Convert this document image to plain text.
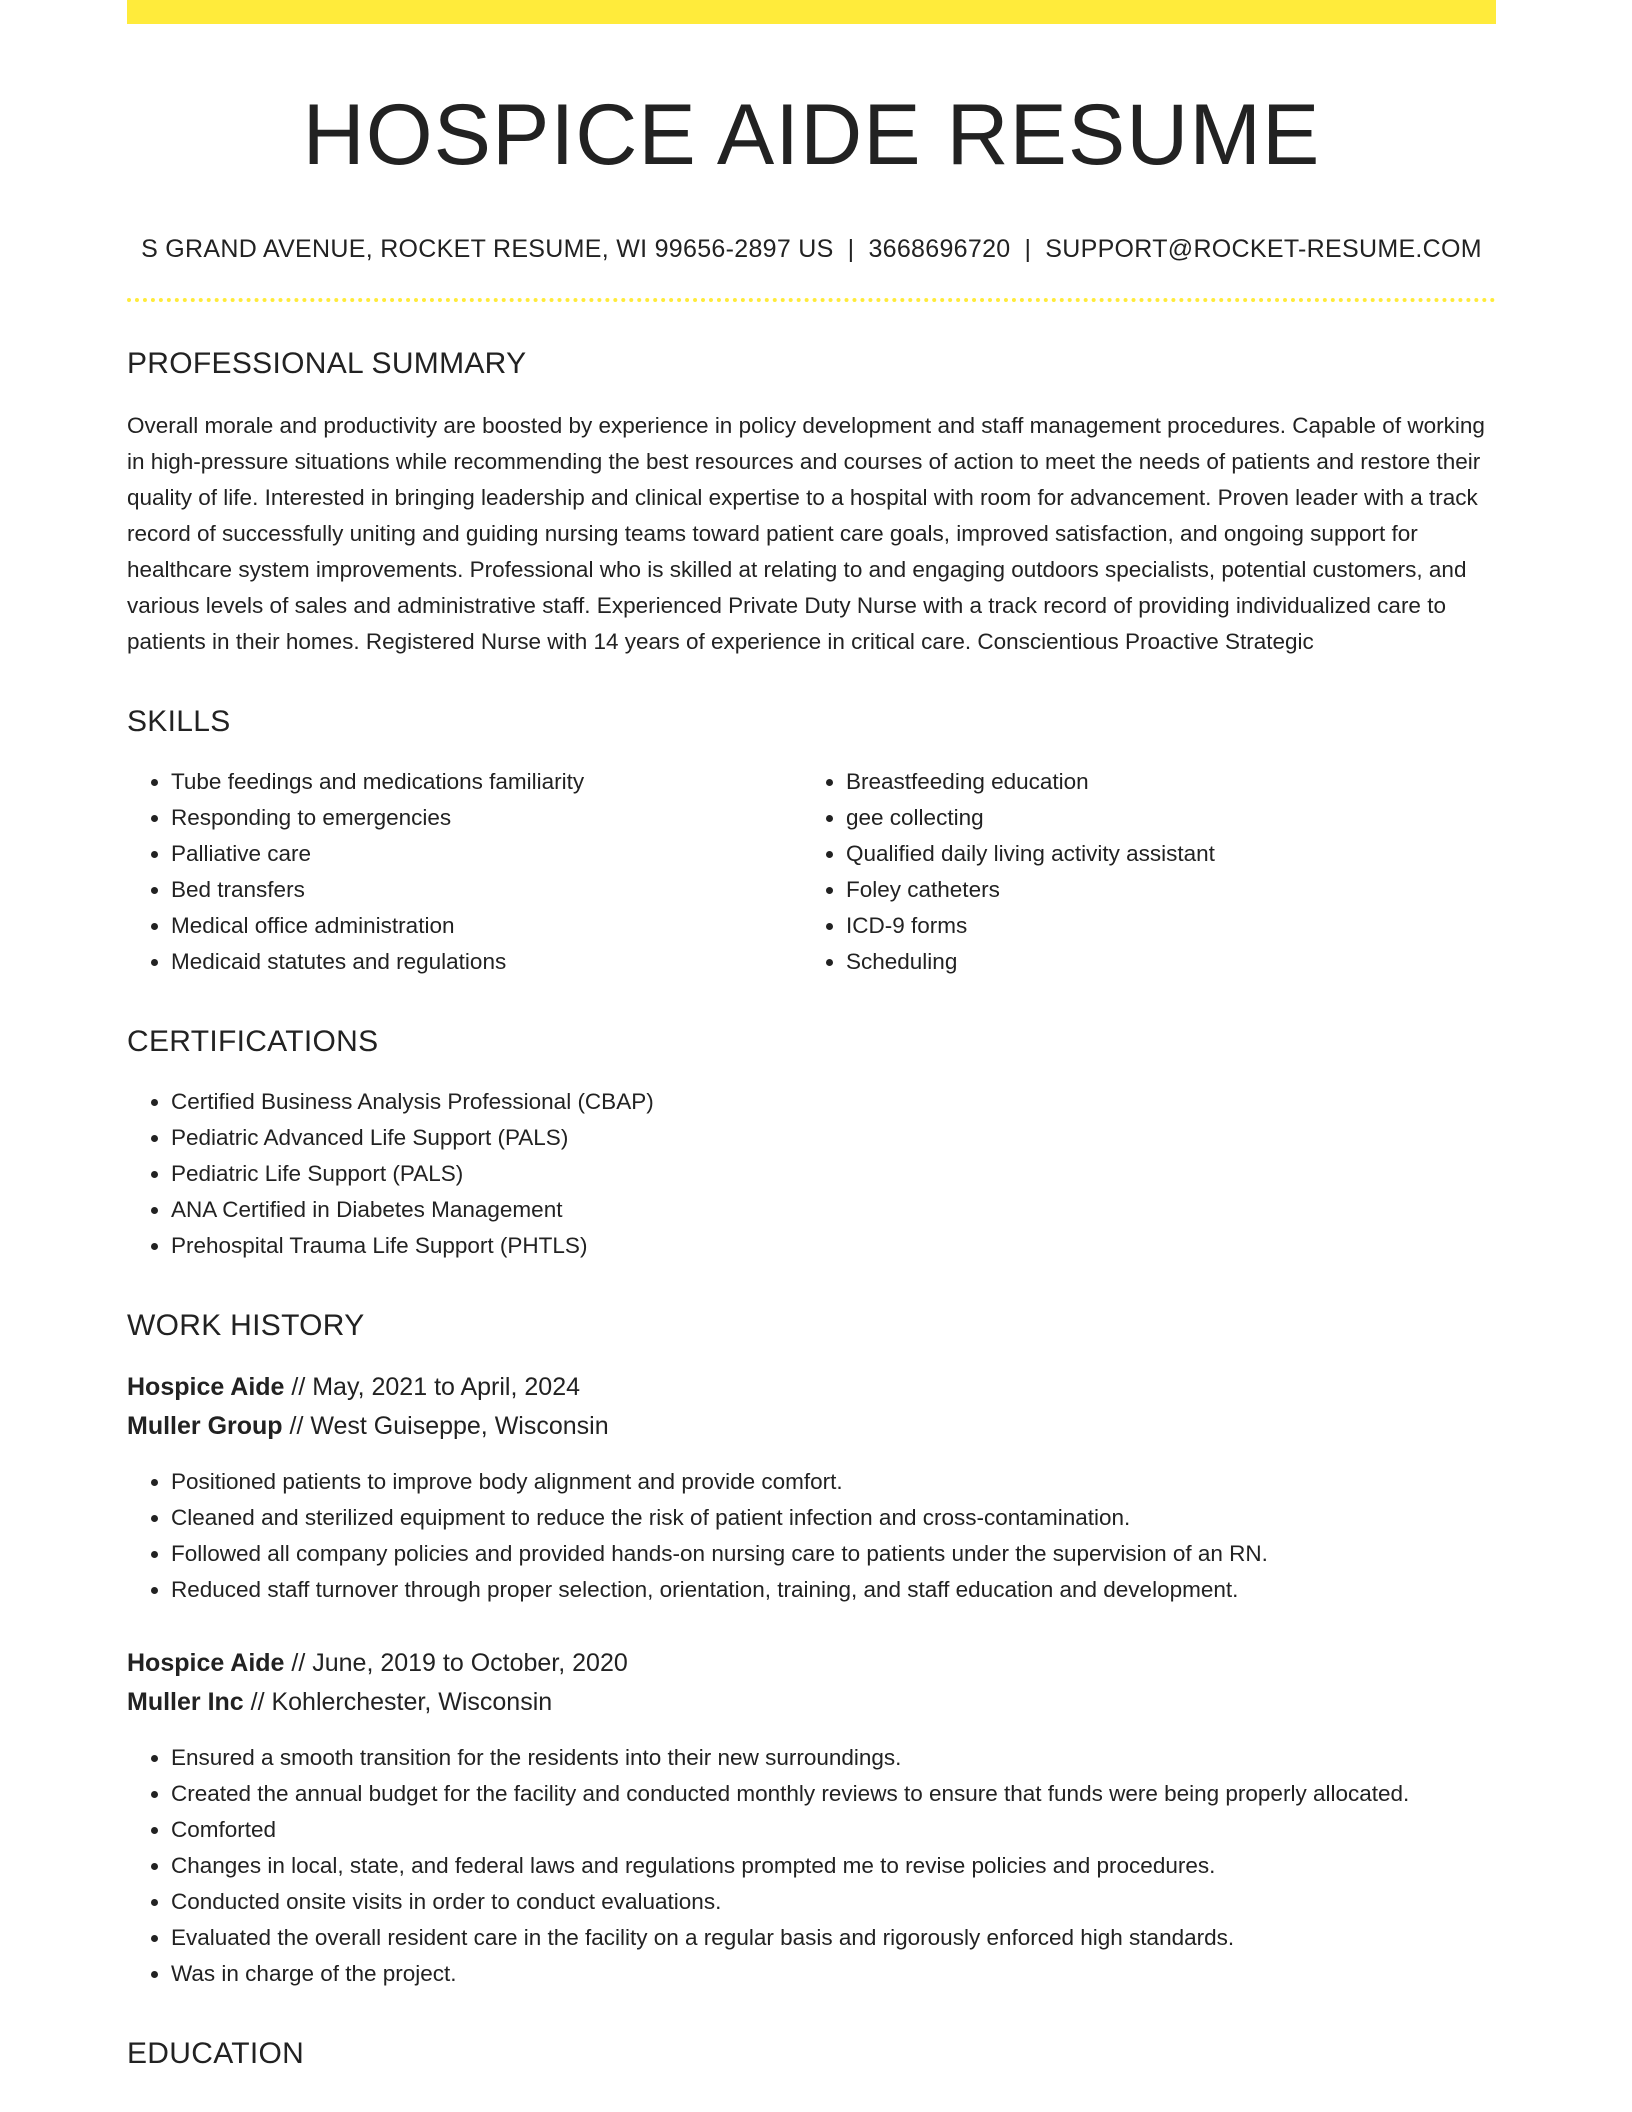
HOSPICE AIDE RESUME
S GRAND AVENUE, ROCKET RESUME, WI 99656-2897 US | 3668696720 | SUPPORT@ROCKET-RESUME.COM
PROFESSIONAL SUMMARY

Overall morale and productivity are boosted by experience in policy development and staff management procedures. Capable of working in high-pressure situations while recommending the best resources and courses of action to meet the needs of patients and restore their quality of life. Interested in bringing leadership and clinical expertise to a hospital with room for advancement. Proven leader with a track record of successfully uniting and guiding nursing teams toward patient care goals, improved satisfaction, and ongoing support for healthcare system improvements. Professional who is skilled at relating to and engaging outdoors specialists, potential customers, and various levels of sales and administrative staff. Experienced Private Duty Nurse with a track record of providing individualized care to patients in their homes. Registered Nurse with 14 years of experience in critical care. Conscientious Proactive Strategic

SKILLS
• Tube feedings and medications familiarity
• Responding to emergencies
• Palliative care
• Bed transfers
• Medical office administration
• Medicaid statutes and regulations
• Breastfeeding education
• gee collecting
• Qualified daily living activity assistant
• Foley catheters
• ICD-9 forms
• Scheduling
CERTIFICATIONS
• Certified Business Analysis Professional (CBAP)
• Pediatric Advanced Life Support (PALS)
• Pediatric Life Support (PALS)
• ANA Certified in Diabetes Management
• Prehospital Trauma Life Support (PHTLS)
WORK HISTORY
Hospice Aide // May, 2021 to April, 2024
Muller Group // West Guiseppe, Wisconsin
• Positioned patients to improve body alignment and provide comfort.
• Cleaned and sterilized equipment to reduce the risk of patient infection and cross-contamination.
• Followed all company policies and provided hands-on nursing care to patients under the supervision of an RN.
• Reduced staff turnover through proper selection, orientation, training, and staff education and development.
Hospice Aide // June, 2019 to October, 2020
Muller Inc // Kohlerchester, Wisconsin
• Ensured a smooth transition for the residents into their new surroundings.
• Created the annual budget for the facility and conducted monthly reviews to ensure that funds were being properly allocated.
• Comforted
• Changes in local, state, and federal laws and regulations prompted me to revise policies and procedures.
• Conducted onsite visits in order to conduct evaluations.
• Evaluated the overall resident care in the facility on a regular basis and rigorously enforced high standards.
• Was in charge of the project.
EDUCATION
